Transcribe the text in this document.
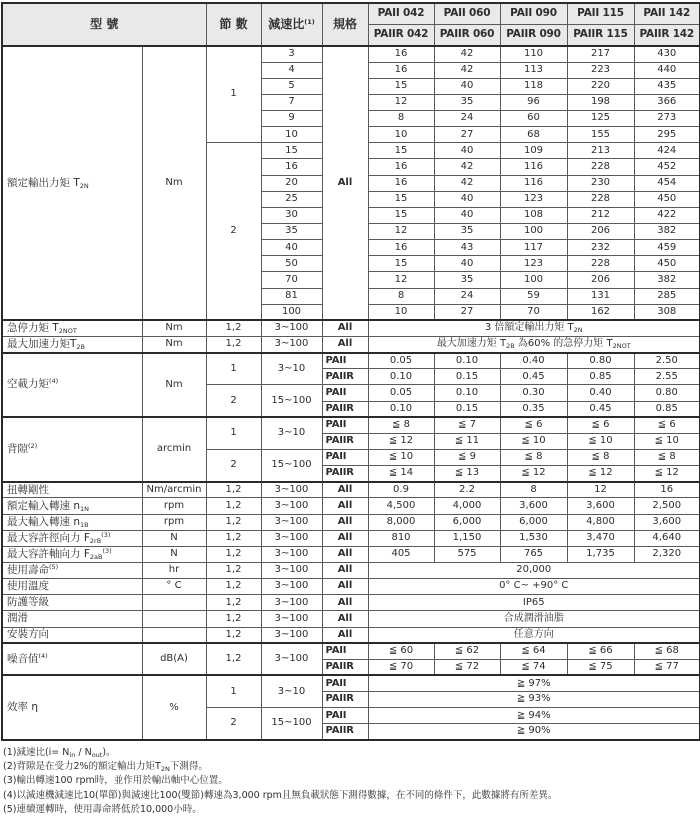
型 號		節 數	減速比$^{(1)}$	規格	PAII 042	PAII 060	PAII 090	PAII 115	PAII 142
					PAIIR 042	PAIIR 060	PAIIR 090	PAIIR 115	PAIIR 142
額定輸出力矩 $T_{2N}$	Nm	1	3	All	16	42	110	217	430
			4		16	42	113	223	440
			5		15	40	118	220	435
			7		12	35	96	198	366
			9		8	24	60	125	273
			10		10	27	68	155	295
		2	15		15	40	109	213	424
			16		16	42	116	228	452
			20		16	42	116	230	454
			25		15	40	123	228	450
			30		15	40	108	212	422
			35		12	35	100	206	382
			40		16	43	117	232	459
			50		15	40	123	228	450
			70		12	35	100	206	382
			81		8	24	59	131	285
			100		10	27	70	162	308
急停力矩 $T_{2NOT}$	Nm	1,2	3~100	All	3 倍額定輸出力矩 $T_{2N}$
最大加速力矩$T_{2B}$	Nm	1,2	3~100	All	最大加速力矩 $T_{2B}$ 為60% 的急停力矩 $T_{2NOT}$
空載力矩$^{(4)}$	Nm	1	3~10	PAII	0.05	0.10	0.40	0.80	2.50
				PAIIR	0.10	0.15	0.45	0.85	2.55
		2	15~100	PAII	0.05	0.10	0.30	0.40	0.80
				PAIIR	0.10	0.15	0.35	0.45	0.85
背隙$^{(2)}$	arcmin	1	3~10	PAII	≦ 8	≦ 7	≦ 6	≦ 6	≦ 6
				PAIIR	≦ 12	≦ 11	≦ 10	≦ 10	≦ 10
		2	15~100	PAII	≦ 10	≦ 9	≦ 8	≦ 8	≦ 8
				PAIIR	≦ 14	≦ 13	≦ 12	≦ 12	≦ 12
扭轉剛性	Nm/arcmin	1,2	3~100	All	0.9	2.2	8	12	16
額定輸入轉速 $n_{1N}$	rpm	1,2	3~100	All	4,500	4,000	3,600	3,600	2,500
最大輸入轉速 $n_{1B}$	rpm	1,2	3~100	All	8,000	6,000	6,000	4,800	3,600
最大容許徑向力 $F_{2rB}^{(3)}$	N	1,2	3~100	All	810	1,150	1,530	3,470	4,640
最大容許軸向力 $F_{2aB}^{(3)}$	N	1,2	3~100	All	405	575	765	1,735	2,320
使用壽命$^{(5)}$	hr	1,2	3~100	All	20,000				
使用溫度	° C	1,2	3~100	All	0° C~ +90° C				
防護等級		1,2	3~100	All	IP65				
潤滑		1,2	3~100	All	合成潤滑油脂				
安裝方向		1,2	3~100	All	任意方向				
噪音值$^{(4)}$	dB(A)	1,2	3~100	PAII	≦ 60	≦ 62	≦ 64	≦ 66	≦ 68
				PAIIR	≦ 70	≦ 72	≦ 74	≦ 75	≦ 77
效率 η	%	1	3~10	PAII	≧ 97%				
				PAIIR	≧ 93%				
		2	15~100	PAII	≧ 94%				
				PAIIR	≧ 90%				

(1)減速比$(i= N_{in} / N_{out})$。

(2)背隙是在受力2%的額定輸出力矩$T_{2N}$下測得。

(3)輸出轉速100 rpm時，並作用於輸出軸中心位置。

(4)以減速機減速比10(單節)與減速比100(雙節)轉速為3,000 rpm且無負載狀態下測得數據，在不同的條件下，此數據將有所差異。

(5)連續運轉時，使用壽命將低於10,000小時。
